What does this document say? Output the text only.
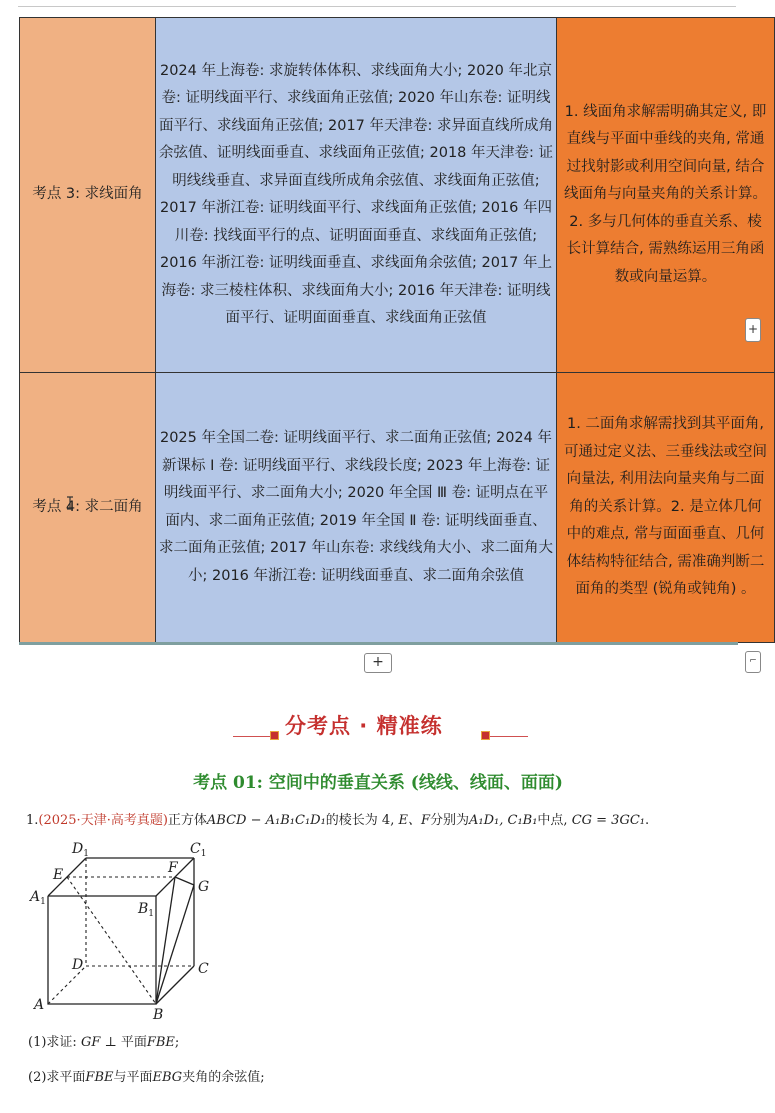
考点 3: 求线面角	2024 年上海卷: 求旋转体体积、求线面角大小; 2020 年北京卷: 证明线面平行、求线面角正弦值; 2020 年山东卷: 证明线面平行、求线面角正弦值; 2017 年天津卷: 求异面直线所成角余弦值、证明线面垂直、求线面角正弦值; 2018 年天津卷: 证明线线垂直、求异面直线所成角余弦值、求线面角正弦值; 2017 年浙江卷: 证明线面平行、求线面角正弦值; 2016 年四川卷: 找线面平行的点、证明面面垂直、求线面角正弦值; 2016 年浙江卷: 证明线面垂直、求线面角余弦值; 2017 年上海卷: 求三棱柱体积、求线面角大小; 2016 年天津卷: 证明线面平行、证明面面垂直、求线面角正弦值	1. 线面角求解需明确其定义, 即直线与平面中垂线的夹角, 常通过找射影或利用空间向量, 结合线面角与向量夹角的关系计算。2. 多与几何体的垂直关系、棱长计算结合, 需熟练运用三角函数或向量运算。
考点 4: 求二面角	2025 年全国二卷: 证明线面平行、求二面角正弦值; 2024 年新课标 Ⅰ 卷: 证明线面平行、求线段长度; 2023 年上海卷: 证明线面平行、求二面角大小; 2020 年全国 Ⅲ 卷: 证明点在平面内、求二面角正弦值; 2019 年全国 Ⅱ 卷: 证明线面垂直、求二面角正弦值; 2017 年山东卷: 求线线角大小、求二面角大小; 2016 年浙江卷: 证明线面垂直、求二面角余弦值	1. 二面角求解需找到其平面角, 可通过定义法、三垂线法或空间向量法, 利用法向量夹角与二面角的关系计算。2. 是立体几何中的难点, 常与面面垂直、几何体结构特征结合, 需准确判断二面角的类型 (锐角或钝角) 。
+
+
⌐
分考点 · 精准练
考点 01: 空间中的垂直关系 (线线、线面、面面)
1.(2025·天津·高考真题)正方体ABCD − A₁B₁C₁D₁的棱长为 4, E、F分别为A₁D₁, C₁B₁中点, CG = 3GC₁.
$D_1$	$C_1$
E	F
G
$A_1$	$B_1$
D	C
A
B
(1)求证: GF ⊥ 平面FBE;
(2)求平面FBE与平面EBG夹角的余弦值;
